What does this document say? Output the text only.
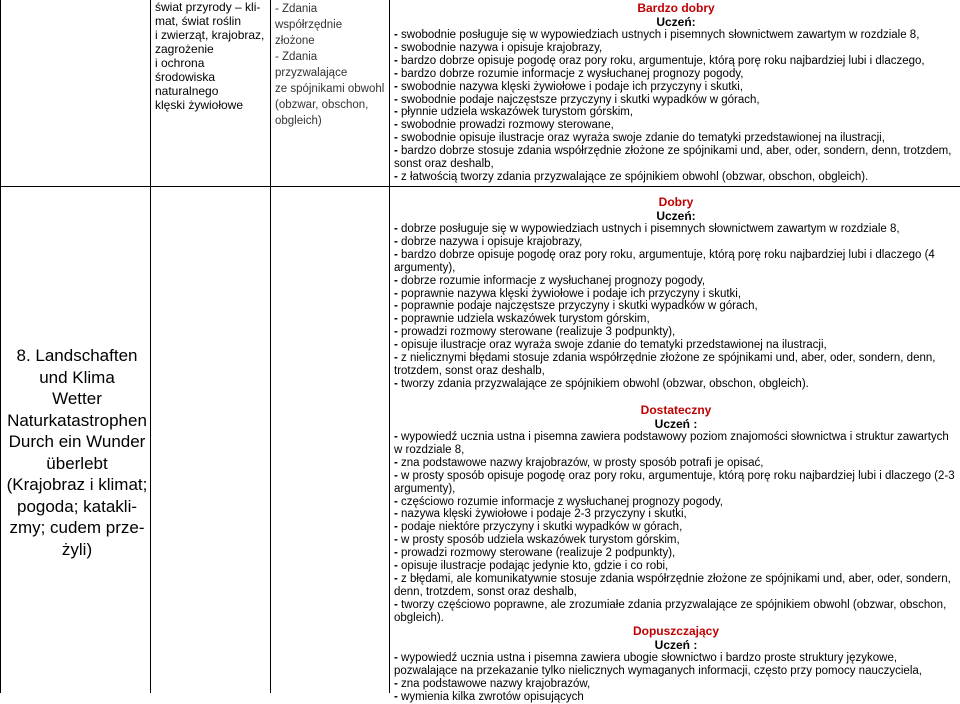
świat przyrody – kli-
mat, świat roślin
i zwierząt, krajobraz,
zagrożenie
i ochrona środowiska
naturalnego
klęski żywiołowe
- Zdania współrzędnie
złożone
- Zdania przyzwalające
ze spójnikami obwohl
(obzwar, obschon,
obgleich)
8. Landschaften
und Klima
Wetter
Naturkatastrophen
Durch ein Wunder
überlebt
(Krajobraz i klimat;
pogoda; katakli-
zmy; cudem prze-
żyli)
Bardzo dobry
Uczeń:
- swobodnie posługuje się w wypowiedziach ustnych i pisemnych słownictwem zawartym w rozdziale 8,
- swobodnie nazywa i opisuje krajobrazy,
- bardzo dobrze opisuje pogodę oraz pory roku, argumentuje, którą porę roku najbardziej lubi i dlaczego,
- bardzo dobrze rozumie informacje z wysłuchanej prognozy pogody,
- swobodnie nazywa klęski żywiołowe i podaje ich przyczyny i skutki,
- swobodnie podaje najczęstsze przyczyny i skutki wypadków w górach,
- płynnie udziela wskazówek turystom górskim,
- swobodnie prowadzi rozmowy sterowane,
- swobodnie opisuje ilustracje oraz wyraża swoje zdanie do tematyki przedstawionej na ilustracji,
- bardzo dobrze stosuje zdania współrzędnie złożone ze spójnikami und, aber, oder, sondern, denn, trotzdem, sonst oraz deshalb,
- z łatwością tworzy zdania przyzwalające ze spójnikiem obwohl (obzwar, obschon, obgleich).
Dobry
Uczeń:
- dobrze posługuje się w wypowiedziach ustnych i pisemnych słownictwem zawartym w rozdziale 8,
- dobrze nazywa i opisuje krajobrazy,
- bardzo dobrze opisuje pogodę oraz pory roku, argumentuje, którą porę roku najbardziej lubi i dlaczego (4 argumenty),
- dobrze rozumie informacje z wysłuchanej prognozy pogody,
- poprawnie nazywa klęski żywiołowe i podaje ich przyczyny i skutki,
- poprawnie podaje najczęstsze przyczyny i skutki wypadków w górach,
- poprawnie udziela wskazówek turystom górskim,
- prowadzi rozmowy sterowane (realizuje 3 podpunkty),
- opisuje ilustracje oraz wyraża swoje zdanie do tematyki przedstawionej na ilustracji,
- z nielicznymi błędami stosuje zdania współrzędnie złożone ze spójnikami und, aber, oder, sondern, denn, trotzdem, sonst oraz deshalb,
- tworzy zdania przyzwalające ze spójnikiem obwohl (obzwar, obschon, obgleich).
Dostateczny
Uczeń :
- wypowiedź ucznia ustna i pisemna zawiera podstawowy poziom znajomości słownictwa i struktur zawartych w rozdziale 8,
- zna podstawowe nazwy krajobrazów, w prosty sposób potrafi je opisać,
- w prosty sposób opisuje pogodę oraz pory roku, argumentuje, którą porę roku najbardziej lubi i dlaczego (2-3 argumenty),
- częściowo rozumie informacje z wysłuchanej prognozy pogody,
- nazywa klęski żywiołowe i podaje 2-3 przyczyny i skutki,
- podaje niektóre przyczyny i skutki wypadków w górach,
- w prosty sposób udziela wskazówek turystom górskim,
- prowadzi rozmowy sterowane (realizuje 2 podpunkty),
- opisuje ilustracje podając jedynie kto, gdzie i co robi,
- z błędami, ale komunikatywnie stosuje zdania współrzędnie złożone ze spójnikami und, aber, oder, sondern, denn, trotzdem, sonst oraz deshalb,
- tworzy częściowo poprawne, ale zrozumiałe zdania przyzwalające ze spójnikiem obwohl (obzwar, obschon, obgleich).
Dopuszczający
Uczeń :
- wypowiedź ucznia ustna i pisemna zawiera ubogie słownictwo i bardzo proste struktury językowe, pozwalające na przekazanie tylko nielicznych wymaganych informacji, często przy pomocy nauczyciela,
- zna podstawowe nazwy krajobrazów,
- wymienia kilka zwrotów opisujących
